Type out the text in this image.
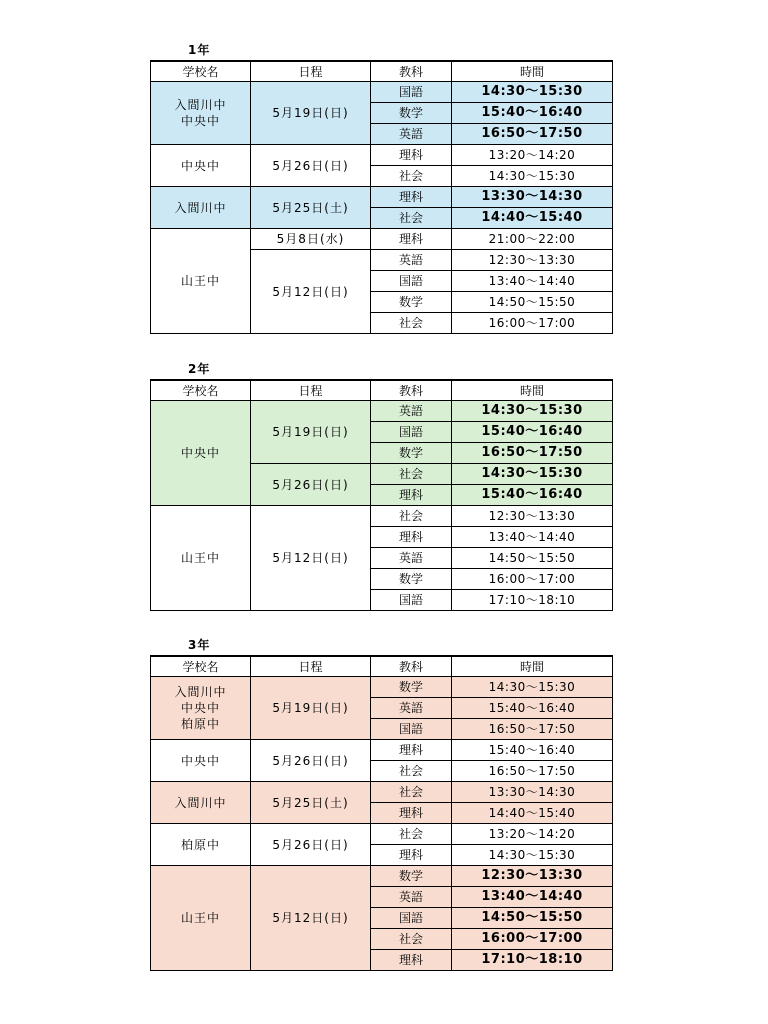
1年
学校名	日程	教科	時間
入間川中
中央中	5月19日(日)	国語	14:30～15:30
		数学	15:40～16:40
		英語	16:50～17:50
中央中	5月26日(日)	理科	13:20～14:20
		社会	14:30～15:30
入間川中	5月25日(土)	理科	13:30～14:30
		社会	14:40～15:40
山王中	5月8日(水)	理科	21:00～22:00
	5月12日(日)	英語	12:30～13:30
		国語	13:40～14:40
		数学	14:50～15:50
		社会	16:00～17:00
2年
学校名	日程	教科	時間
中央中	5月19日(日)	英語	14:30～15:30
		国語	15:40～16:40
		数学	16:50～17:50
	5月26日(日)	社会	14:30～15:30
		理科	15:40～16:40
山王中	5月12日(日)	社会	12:30～13:30
		理科	13:40～14:40
		英語	14:50～15:50
		数学	16:00～17:00
		国語	17:10～18:10
3年
学校名	日程	教科	時間
入間川中
中央中
柏原中	5月19日(日)	数学	14:30～15:30
		英語	15:40～16:40
		国語	16:50～17:50
中央中	5月26日(日)	理科	15:40～16:40
		社会	16:50～17:50
入間川中	5月25日(土)	社会	13:30～14:30
		理科	14:40～15:40
柏原中	5月26日(日)	社会	13:20～14:20
		理科	14:30～15:30
山王中	5月12日(日)	数学	12:30～13:30
		英語	13:40～14:40
		国語	14:50～15:50
		社会	16:00～17:00
		理科	17:10～18:10
